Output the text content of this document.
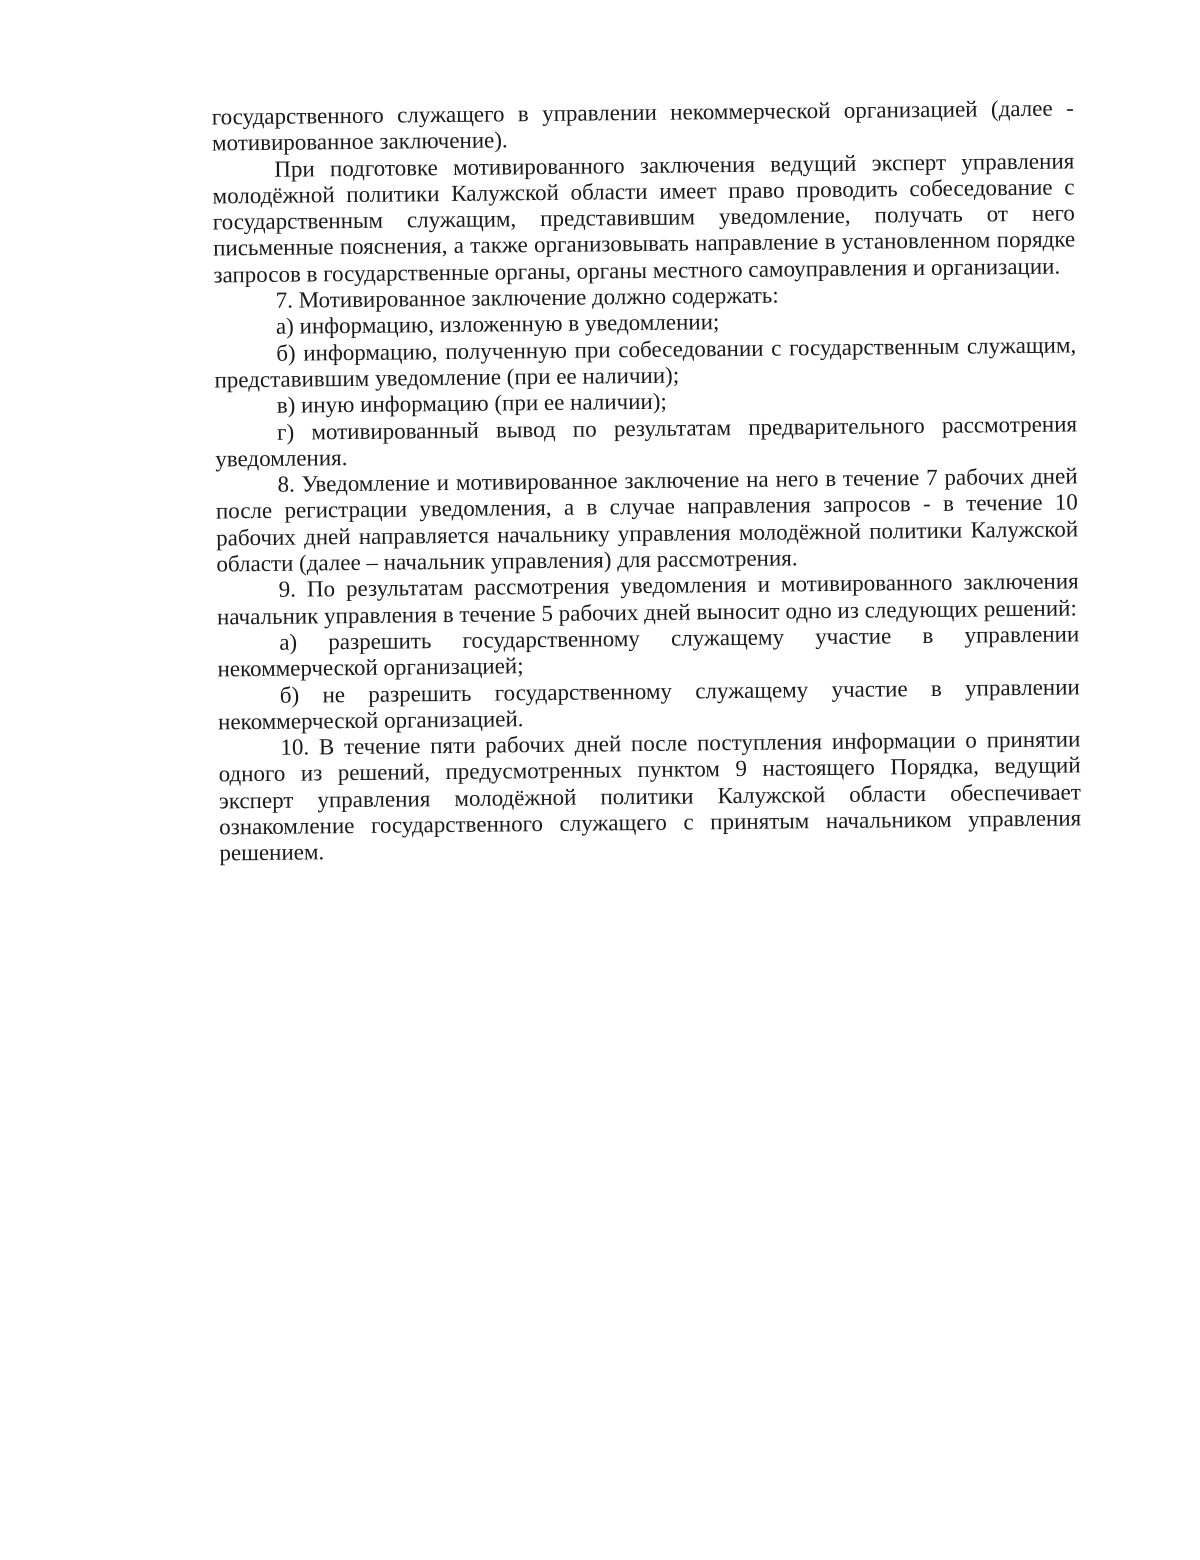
государственного служащего в управлении некоммерческой организацией (далее - мотивированное заключение).

При подготовке мотивированного заключения ведущий эксперт управления молодёжной политики Калужской области имеет право проводить собеседование с государственным служащим, представившим уведомление, получать от него письменные пояснения, а также организовывать направление в установленном порядке запросов в государственные органы, органы местного самоуправления и организации.

7. Мотивированное заключение должно содержать:

а) информацию, изложенную в уведомлении;

б) информацию, полученную при собеседовании с государственным служащим, представившим уведомление (при ее наличии);

в) иную информацию (при ее наличии);

г) мотивированный вывод по результатам предварительного рассмотрения уведомления.

8. Уведомление и мотивированное заключение на него в течение 7 рабочих дней после регистрации уведомления, а в случае направления запросов - в течение 10 рабочих дней направляется начальнику управления молодёжной политики Калужской области (далее – начальник управления) для рассмотрения.

9. По результатам рассмотрения уведомления и мотивированного заключения начальник управления в течение 5 рабочих дней выносит одно из следующих решений:

а) разрешить государственному служащему участие в управлении некоммерческой организацией;

б) не разрешить государственному служащему участие в управлении некоммерческой организацией.

10. В течение пяти рабочих дней после поступления информации о принятии одного из решений, предусмотренных пунктом 9 настоящего Порядка, ведущий эксперт управления молодёжной политики Калужской области обеспечивает ознакомление государственного служащего с принятым начальником управления решением.
